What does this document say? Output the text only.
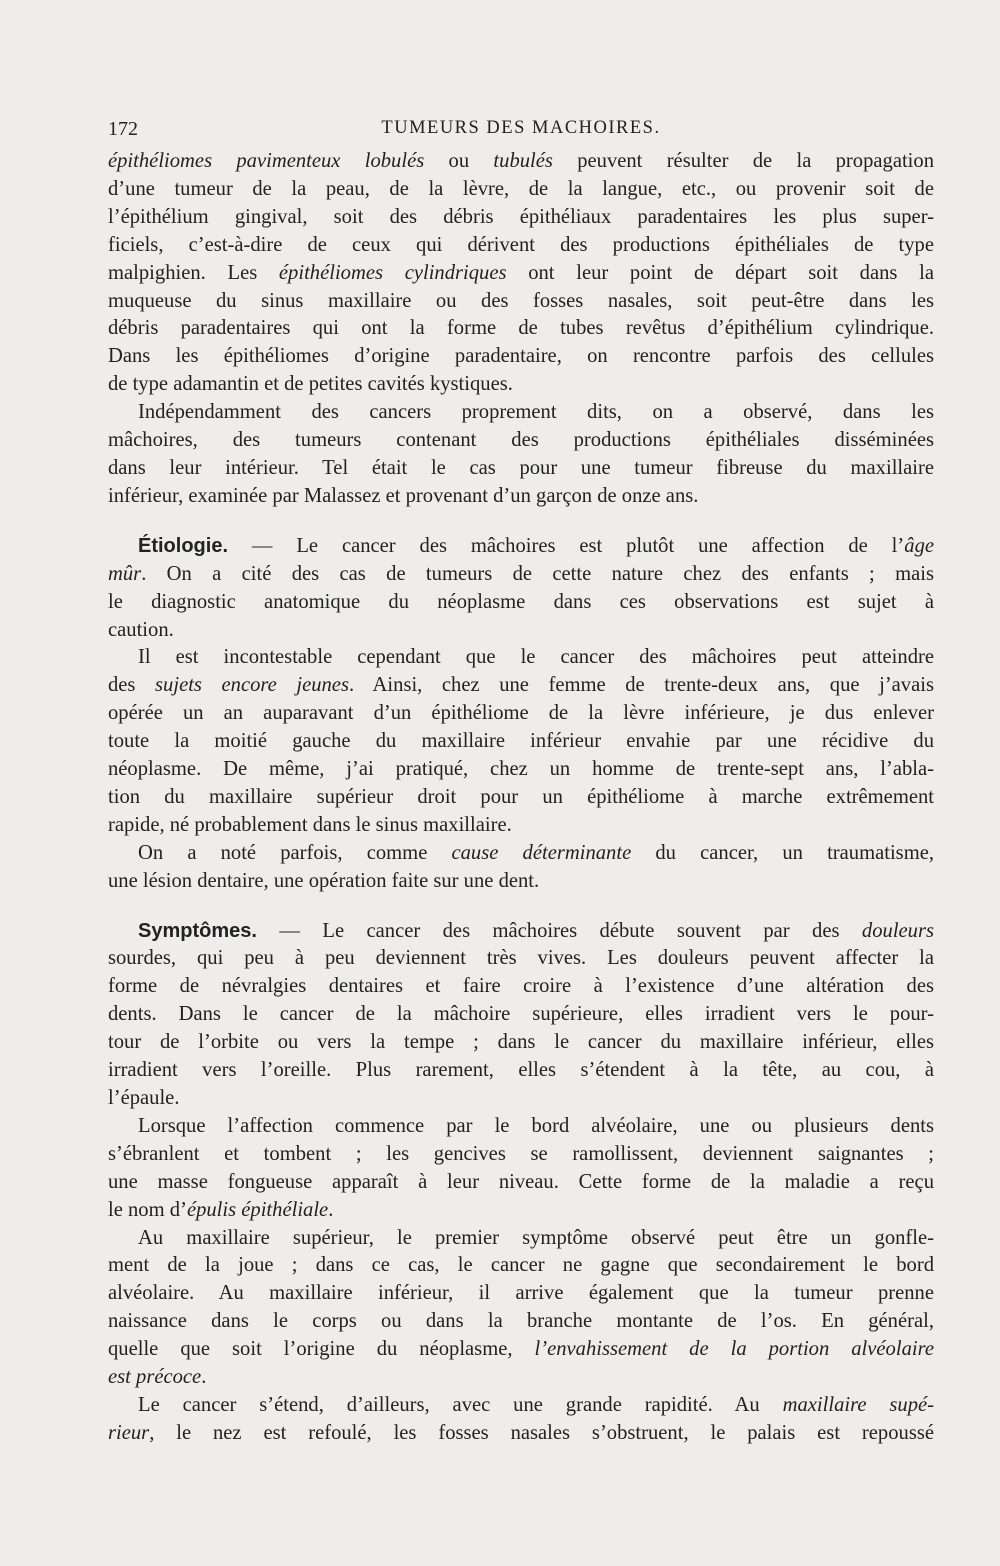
172	TUMEURS DES MACHOIRES.
épithéliomes pavimenteux lobulés ou tubulés peuvent résulter de la propagation
d’une tumeur de la peau, de la lèvre, de la langue, etc., ou provenir soit de
l’épithélium gingival, soit des débris épithéliaux paradentaires les plus super-
ficiels, c’est-à-dire de ceux qui dérivent des productions épithéliales de type
malpighien. Les épithéliomes cylindriques ont leur point de départ soit dans la
muqueuse du sinus maxillaire ou des fosses nasales, soit peut-être dans les
débris paradentaires qui ont la forme de tubes revêtus d’épithélium cylindrique.
Dans les épithéliomes d’origine paradentaire, on rencontre parfois des cellules
de type adamantin et de petites cavités kystiques.
Indépendamment des cancers proprement dits, on a observé, dans les
mâchoires, des tumeurs contenant des productions épithéliales disséminées
dans leur intérieur. Tel était le cas pour une tumeur fibreuse du maxillaire
inférieur, examinée par Malassez et provenant d’un garçon de onze ans.
Étiologie. — Le cancer des mâchoires est plutôt une affection de l’âge
mûr. On a cité des cas de tumeurs de cette nature chez des enfants ; mais
le diagnostic anatomique du néoplasme dans ces observations est sujet à
caution.
Il est incontestable cependant que le cancer des mâchoires peut atteindre
des sujets encore jeunes. Ainsi, chez une femme de trente-deux ans, que j’avais
opérée un an auparavant d’un épithéliome de la lèvre inférieure, je dus enlever
toute la moitié gauche du maxillaire inférieur envahie par une récidive du
néoplasme. De même, j’ai pratiqué, chez un homme de trente-sept ans, l’abla-
tion du maxillaire supérieur droit pour un épithéliome à marche extrêmement
rapide, né probablement dans le sinus maxillaire.
On a noté parfois, comme cause déterminante du cancer, un traumatisme,
une lésion dentaire, une opération faite sur une dent.
Symptômes. — Le cancer des mâchoires débute souvent par des douleurs
sourdes, qui peu à peu deviennent très vives. Les douleurs peuvent affecter la
forme de névralgies dentaires et faire croire à l’existence d’une altération des
dents. Dans le cancer de la mâchoire supérieure, elles irradient vers le pour-
tour de l’orbite ou vers la tempe ; dans le cancer du maxillaire inférieur, elles
irradient vers l’oreille. Plus rarement, elles s’étendent à la tête, au cou, à
l’épaule.
Lorsque l’affection commence par le bord alvéolaire, une ou plusieurs dents
s’ébranlent et tombent ; les gencives se ramollissent, deviennent saignantes ;
une masse fongueuse apparaît à leur niveau. Cette forme de la maladie a reçu
le nom d’épulis épithéliale.
Au maxillaire supérieur, le premier symptôme observé peut être un gonfle-
ment de la joue ; dans ce cas, le cancer ne gagne que secondairement le bord
alvéolaire. Au maxillaire inférieur, il arrive également que la tumeur prenne
naissance dans le corps ou dans la branche montante de l’os. En général,
quelle que soit l’origine du néoplasme, l’envahissement de la portion alvéolaire
est précoce.
Le cancer s’étend, d’ailleurs, avec une grande rapidité. Au maxillaire supé-
rieur, le nez est refoulé, les fosses nasales s’obstruent, le palais est repoussé
